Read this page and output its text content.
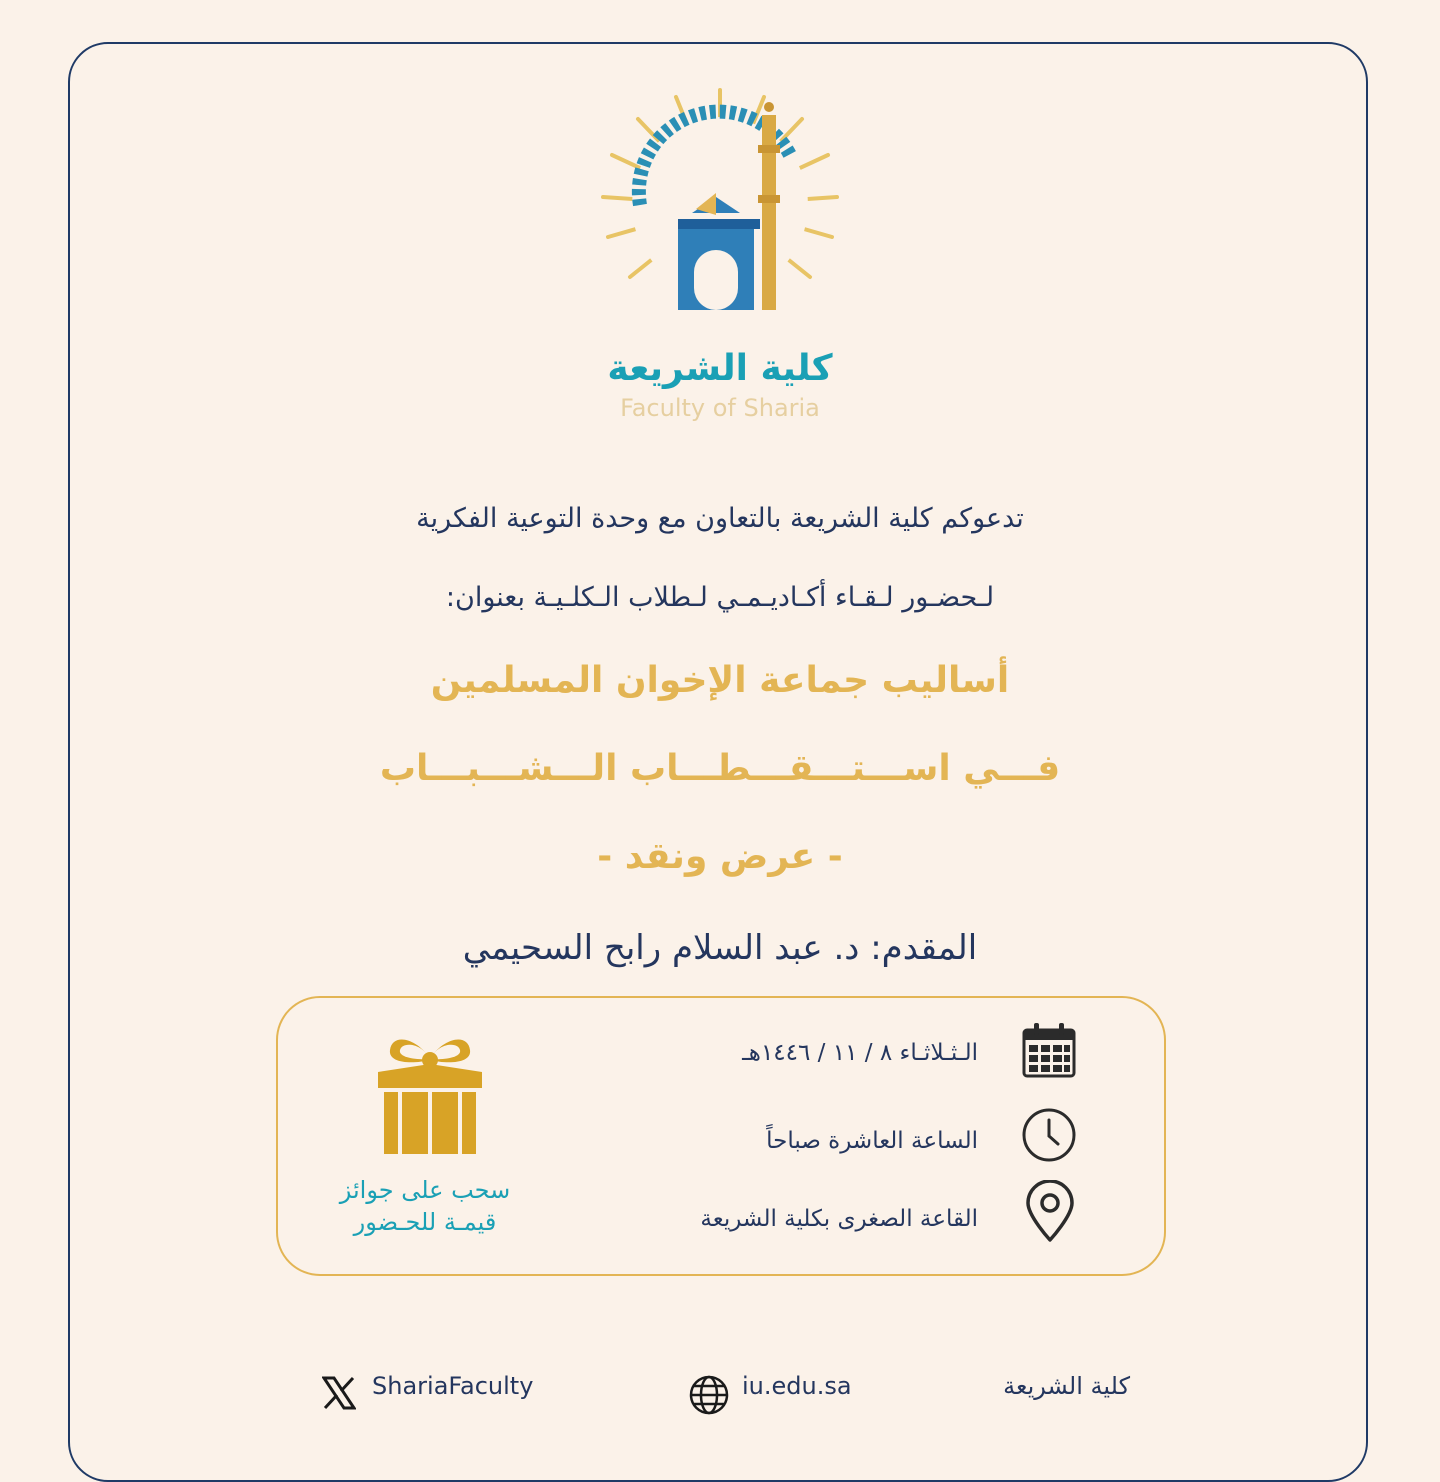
كلية الشريعة
Faculty of Sharia
تدعوكم كلية الشريعة بالتعاون مع وحدة التوعية الفكرية
لـحضـور لـقـاء أكـاديـمـي لـطلاب الـكلـيـة بعنوان:
أساليب جماعة الإخوان المسلمين
فـــي اســـتـــقـــطـــاب الـــشـــبـــاب
- عرض ونقد -
المقدم: د. عبد السلام رابح السحيمي
الـثـلاثـاء ٨ / ١١ / ١٤٤٦هـ
الساعة العاشرة صباحاً
القاعة الصغرى بكلية الشريعة
سحب على جوائز
قيمـة للحـضور
ShariaFaculty	iu.edu.sa	كلية الشريعة
